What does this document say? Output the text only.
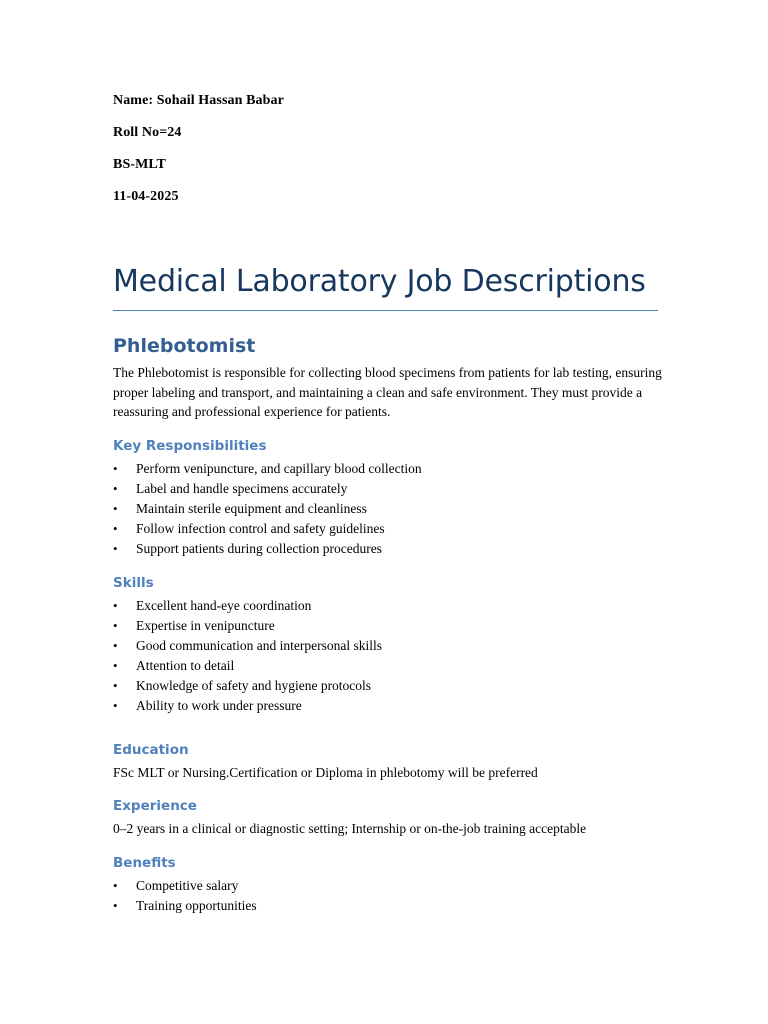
Name: Sohail Hassan Babar

Roll No=24

BS-MLT

11-04-2025

Medical Laboratory Job Descriptions
Phlebotomist

The Phlebotomist is responsible for collecting blood specimens from patients for lab testing, ensuring proper labeling and transport, and maintaining a clean and safe environment. They must provide a reassuring and professional experience for patients.

Key Responsibilities
• Perform venipuncture, and capillary blood collection
• Label and handle specimens accurately
• Maintain sterile equipment and cleanliness
• Follow infection control and safety guidelines
• Support patients during collection procedures
Skills
• Excellent hand-eye coordination
• Expertise in venipuncture
• Good communication and interpersonal skills
• Attention to detail
• Knowledge of safety and hygiene protocols
• Ability to work under pressure
Education

FSc MLT or Nursing.Certification or Diploma in phlebotomy will be preferred

Experience

0–2 years in a clinical or diagnostic setting; Internship or on-the-job training acceptable

Benefits
• Competitive salary
• Training opportunities
